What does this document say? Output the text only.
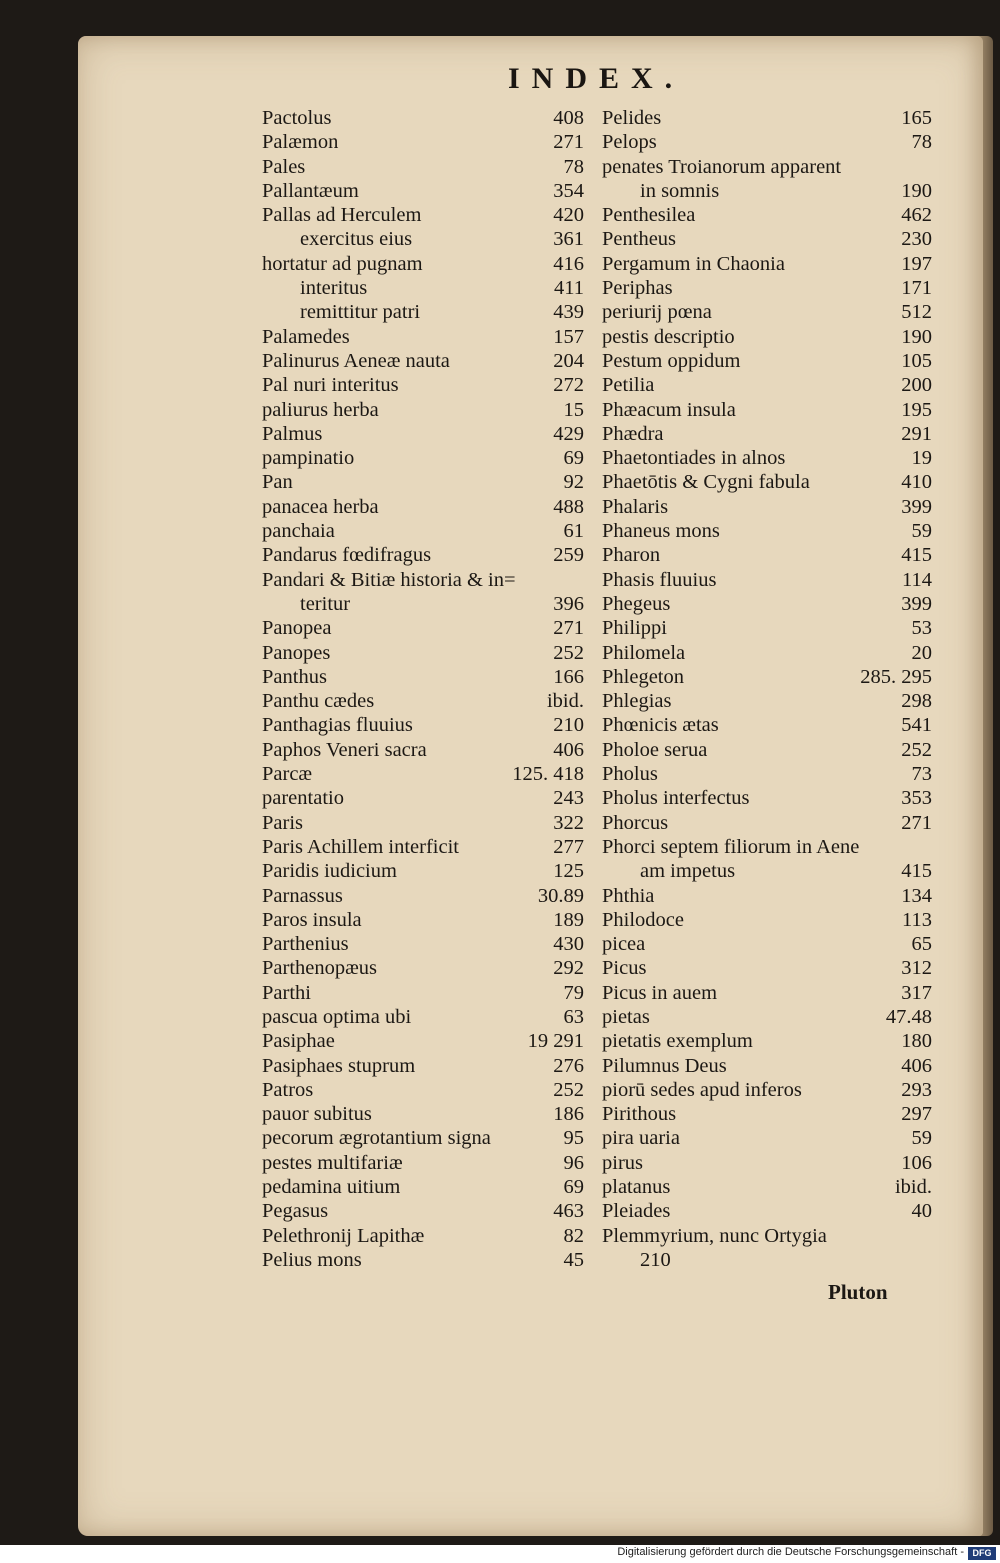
INDEX.
Pactolus	408
Palæmon	271
Pales	78
Pallantæum	354
Pallas ad Herculem	420
exercitus eius	361
hortatur ad pugnam	416
interitus	411
remittitur patri	439
Palamedes	157
Palinurus Aeneæ nauta	204
Pal nuri interitus	272
paliurus herba	15
Palmus	429
pampinatio	69
Pan	92
panacea herba	488
panchaia	61
Pandarus fœdifragus	259
Pandari & Bitiæ historia & in=
teritur	396
Panopea	271
Panopes	252
Panthus	166
Panthu cædes	ibid.
Panthagias fluuius	210
Paphos Veneri sacra	406
Parcæ	125. 418
parentatio	243
Paris	322
Paris Achillem interficit	277
Paridis iudicium	125
Parnassus	30.89
Paros insula	189
Parthenius	430
Parthenopæus	292
Parthi	79
pascua optima ubi	63
Pasiphae	19 291
Pasiphaes stuprum	276
Patros	252
pauor subitus	186
pecorum ægrotantium signa	95
pestes multifariæ	96
pedamina uitium	69
Pegasus	463
Pelethronij Lapithæ	82
Pelius mons	45
Pelides	165
Pelops	78
penates Troianorum apparent
in somnis	190
Penthesilea	462
Pentheus	230
Pergamum in Chaonia	197
Periphas	171
periurij pœna	512
pestis descriptio	190
Pestum oppidum	105
Petilia	200
Phæacum insula	195
Phædra	291
Phaetontiades in alnos	19
Phaetōtis & Cygni fabula	410
Phalaris	399
Phaneus mons	59
Pharon	415
Phasis fluuius	114
Phegeus	399
Philippi	53
Philomela	20
Phlegeton	285. 295
Phlegias	298
Phœnicis ætas	541
Pholoe serua	252
Pholus	73
Pholus interfectus	353
Phorcus	271
Phorci septem filiorum in Aene
am impetus	415
Phthia	134
Philodoce	113
picea	65
Picus	312
Picus in auem	317
pietas	47.48
pietatis exemplum	180
Pilumnus Deus	406
piorū sedes apud inferos	293
Pirithous	297
pira uaria	59
pirus	106
platanus	ibid.
Pleiades	40
Plemmyrium, nunc Ortygia
210
Pluton
Digitalisierung gefördert durch die Deutsche Forschungsgemeinschaft - DFG
